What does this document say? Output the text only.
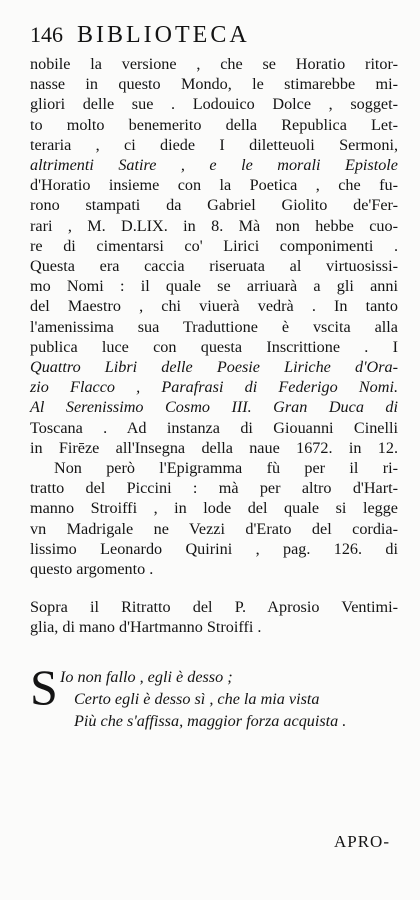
146 BIBLIOTECA
nobile la versione , che se Horatio ritor-
nasse in questo Mondo, le stimarebbe mi-
gliori delle sue . Lodouico Dolce , sogget-
to molto benemerito della Republica Let-
teraria , ci diede I diletteuoli Sermoni,
altrimenti Satire , e le morali Epistole
d'Horatio insieme con la Poetica , che fu-
rono stampati da Gabriel Giolito de'Fer-
rari , M. D.LIX. in 8. Mà non hebbe cuo-
re di cimentarsi co' Lirici componimenti .
Questa era caccia riseruata al virtuosissi-
mo Nomi : il quale se arriuarà a gli anni
del Maestro , chi viuerà vedrà . In tanto
l'amenissima sua Traduttione è vscita alla
publica luce con questa Inscrittione . I
Quattro Libri delle Poesie Liriche d'Ora-
zio Flacco , Parafrasi di Federigo Nomi.
Al Serenissimo Cosmo III. Gran Duca di
Toscana . Ad instanza di Giouanni Cinelli
in Firēze all'Insegna della naue 1672. in 12.
Non però l'Epigramma fù per il ri-
tratto del Piccini : mà per altro d'Hart-
manno Stroiffi , in lode del quale si legge
vn Madrigale ne Vezzi d'Erato del cordia-
lissimo Leonardo Quirini , pag. 126. di
questo argomento .
Sopra il Ritratto del P. Aprosio Ventimi-
glia, di mano d'Hartmanno Stroiffi .
S Io non fallo , egli è desso ;
Certo egli è desso sì , che la mia vista
Più che s'affissa, maggior forza acquista .
APRO-
